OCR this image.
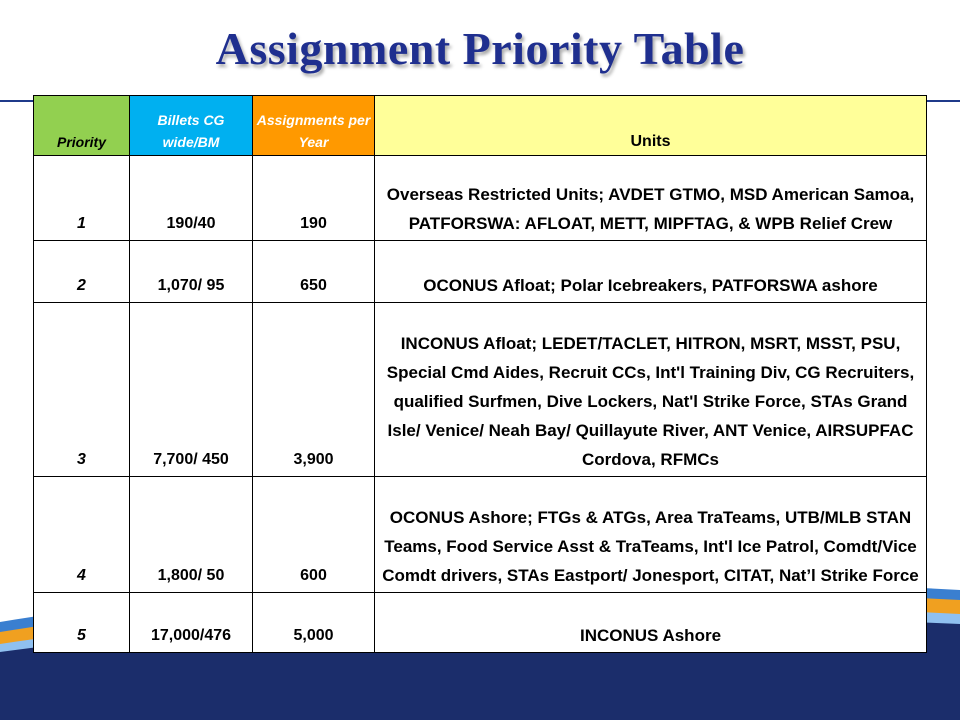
Assignment Priority Table
Priority	Billets CG wide/BM	Assignments per Year	Units
1	190/40	190	Overseas Restricted Units; AVDET GTMO, MSD American Samoa, PATFORSWA: AFLOAT, METT, MIPFTAG, & WPB Relief Crew
2	1,070/ 95	650	OCONUS Afloat; Polar Icebreakers, PATFORSWA ashore
3	7,700/ 450	3,900	INCONUS Afloat; LEDET/TACLET, HITRON, MSRT, MSST, PSU, Special Cmd Aides, Recruit CCs, Int'l Training Div, CG Recruiters, qualified Surfmen, Dive Lockers, Nat'l Strike Force, STAs Grand Isle/ Venice/ Neah Bay/ Quillayute River, ANT Venice, AIRSUPFAC Cordova, RFMCs
4	1,800/ 50	600	OCONUS Ashore; FTGs & ATGs, Area TraTeams, UTB/MLB STAN Teams, Food Service Asst & TraTeams, Int'l Ice Patrol, Comdt/Vice Comdt drivers, STAs Eastport/ Jonesport, CITAT, Nat’l Strike Force
5	17,000/476	5,000	INCONUS Ashore
